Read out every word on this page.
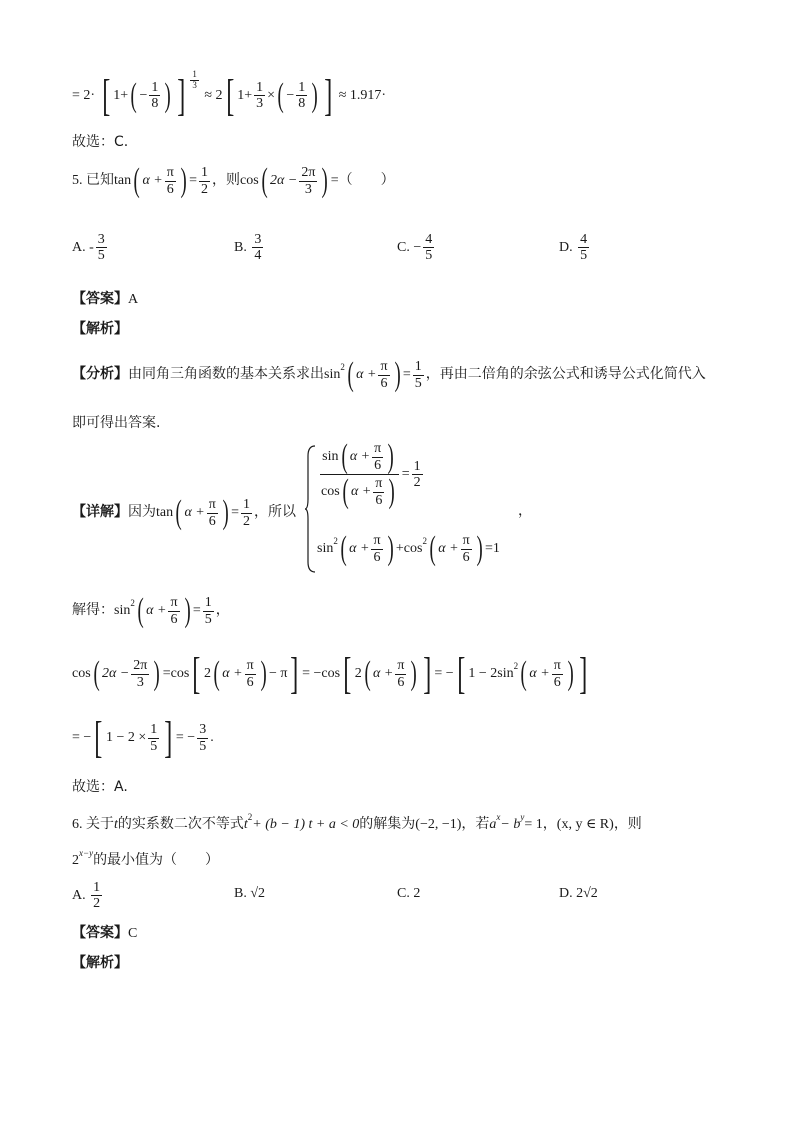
= 2· [ $1+( - \frac{1}{8}$ ) ] $\frac{1}{3}$
≈ 2[ $1+ \frac{1}{3}$ ×( − $\frac{1}{8}$ ) ] ≈ 1.917·
故选：C.
5. 已知tan( $\alpha + \frac{\pi}{6}$ ) = $\frac{1}{2}$ ，则cos( $2\alpha - \frac{2\pi}{3}$ ) =（　　）
A. - $\frac{3}{5}$	B. $\frac{3}{4}$	C. − $\frac{4}{5}$	D. $\frac{4}{5}$
【答案】A
【解析】
【分析】由同角三角函数的基本关系求出$\sin^2$( $\alpha + \frac{\pi}{6}$ ) = $\frac{1}{5}$ ，再由二倍角的余弦公式和诱导公式化简代入
即可得出答案.
【详解】因为tan( $\alpha + \frac{\pi}{6}$ ) = $\frac{1}{2}$ ，所以
$\frac{\sin( \alpha + \frac{\pi}{6} )}{\cos( \alpha + \frac{\pi}{6} )} = \frac{1}{2}$
$\sin^2$( $\alpha + \frac{\pi}{6}$ ) $+\cos^2$( $\alpha + \frac{\pi}{6}$ ) =1
，
解得：$\sin^2$( $\alpha + \frac{\pi}{6}$ ) = $\frac{1}{5}$ ，
cos( $2\alpha - \frac{2\pi}{3}$ ) =cos[ 2( $\alpha + \frac{\pi}{6}$ ) − π] = −cos[ 2( $\alpha + \frac{\pi}{6}$ ) ] = −[ $1 - 2\sin^2$( $\alpha + \frac{\pi}{6}$ ) ]
= −[ $1 - 2 \times \frac{1}{5}$ ] = − $\frac{3}{5}$ .
故选：A.
6. 关于t的实系数二次不等式$t^2+ (b - 1) t + a < 0$的解集为(−2, −1)，若$a^x- b^y= 1$，(x, y ∈ R)，则
$2^{x-y}$的最小值为（　　）
A. $\frac{1}{2}$	B. √2	C. 2	D. 2√2
【答案】C
【解析】
